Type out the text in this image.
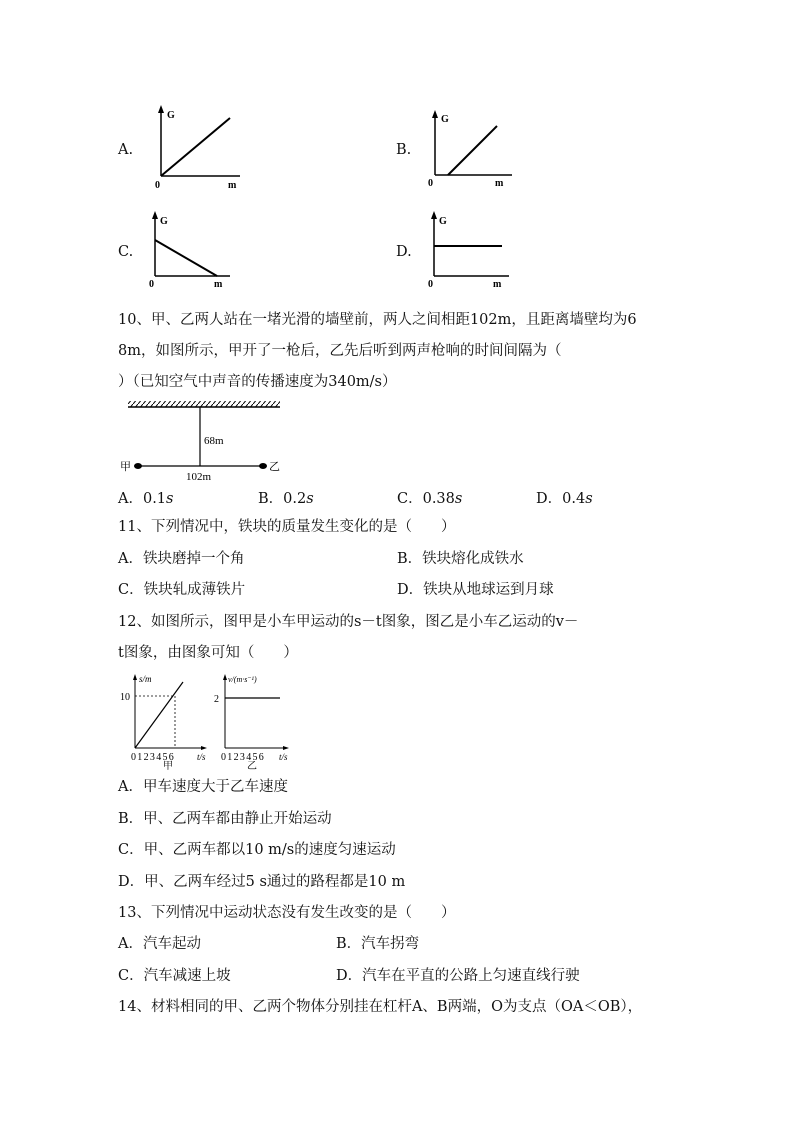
A.
G
0	m
B.
G
0	m
C.
G
0	m
D.
G
0	m
10、甲、乙两人站在一堵光滑的墙壁前，两人之间相距102m，且距离墙壁均为6
8m，如图所示，甲开了一枪后，乙先后听到两声枪响的时间间隔为（
）（已知空气中声音的传播速度为340m/s）
68m
102m
甲	乙
A．0.1s	B．0.2s	C．0.38s	D．0.4s
11、下列情况中，铁块的质量发生变化的是（　　）
A．铁块磨掉一个角	B．铁块熔化成铁水
C．铁块轧成薄铁片	D．铁块从地球运到月球
12、如图所示，图甲是小车甲运动的s－t图象，图乙是小车乙运动的v－
t图象，由图象可知（　　）
s/m
10
0 1 2 3 4 5 6	t/s
甲
v/(m·s⁻¹)
2
0 1 2 3 4 5 6 t/s
乙
A．甲车速度大于乙车速度
B．甲、乙两车都由静止开始运动
C．甲、乙两车都以10 m/s的速度匀速运动
D．甲、乙两车经过5 s通过的路程都是10 m
13、下列情况中运动状态没有发生改变的是（　　）
A．汽车起动	B．汽车拐弯
C．汽车减速上坡	D．汽车在平直的公路上匀速直线行驶
14、材料相同的甲、乙两个物体分别挂在杠杆A、B两端，O为支点（OA＜OB），
